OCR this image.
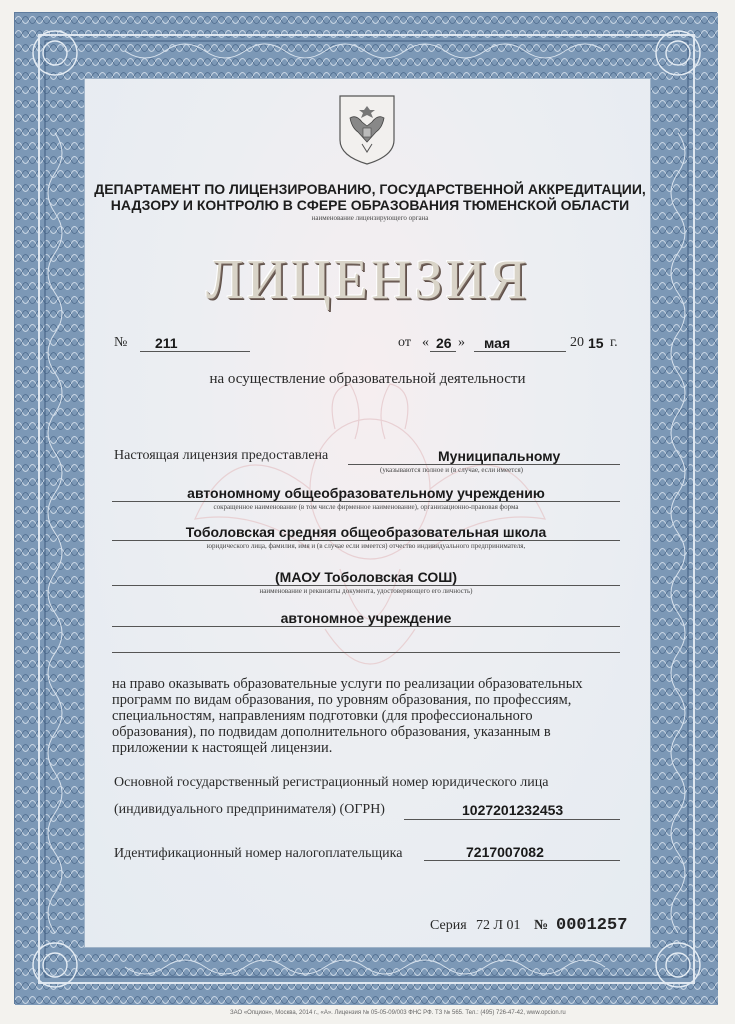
ДЕПАРТАМЕНТ ПО ЛИЦЕНЗИРОВАНИЮ, ГОСУДАРСТВЕННОЙ АККРЕДИТАЦИИ,
НАДЗОРУ И КОНТРОЛЮ В СФЕРЕ ОБРАЗОВАНИЯ ТЮМЕНСКОЙ ОБЛАСТИ
наименование лицензирующего органа
ЛИЦЕНЗИЯ
№ 211	от « 26 » мая	20 15 г.
на осуществление образовательной деятельности
Настоящая лицензия предоставлена	Муниципальному
(указываются полное и (в случае, если имеется)
автономному общеобразовательному учреждению
сокращенное наименование (в том числе фирменное наименование), организационно-правовая форма
Тоболовская средняя общеобразовательная школа
юридического лица, фамилия, имя и (в случае если имеется) отчество индивидуального предпринимателя,
(МАОУ Тоболовская СОШ)
наименование и реквизиты документа, удостоверяющего его личность)
автономное учреждение
на право оказывать образовательные услуги по реализации образовательных
программ по видам образования, по уровням образования, по профессиям,
специальностям, направлениям подготовки (для профессионального
образования), по подвидам дополнительного образования, указанным в
приложении к настоящей лицензии.
Основной государственный регистрационный номер юридического лица
(индивидуального предпринимателя) (ОГРН)	1027201232453
Идентификационный номер налогоплательщика	7217007082
Серия 72 Л 01 № 0001257
ЗАО «Опцион», Москва, 2014 г., «А». Лицензия № 05-05-09/003 ФНС РФ. ТЗ № 565. Тел.: (495) 726-47-42, www.opcion.ru
